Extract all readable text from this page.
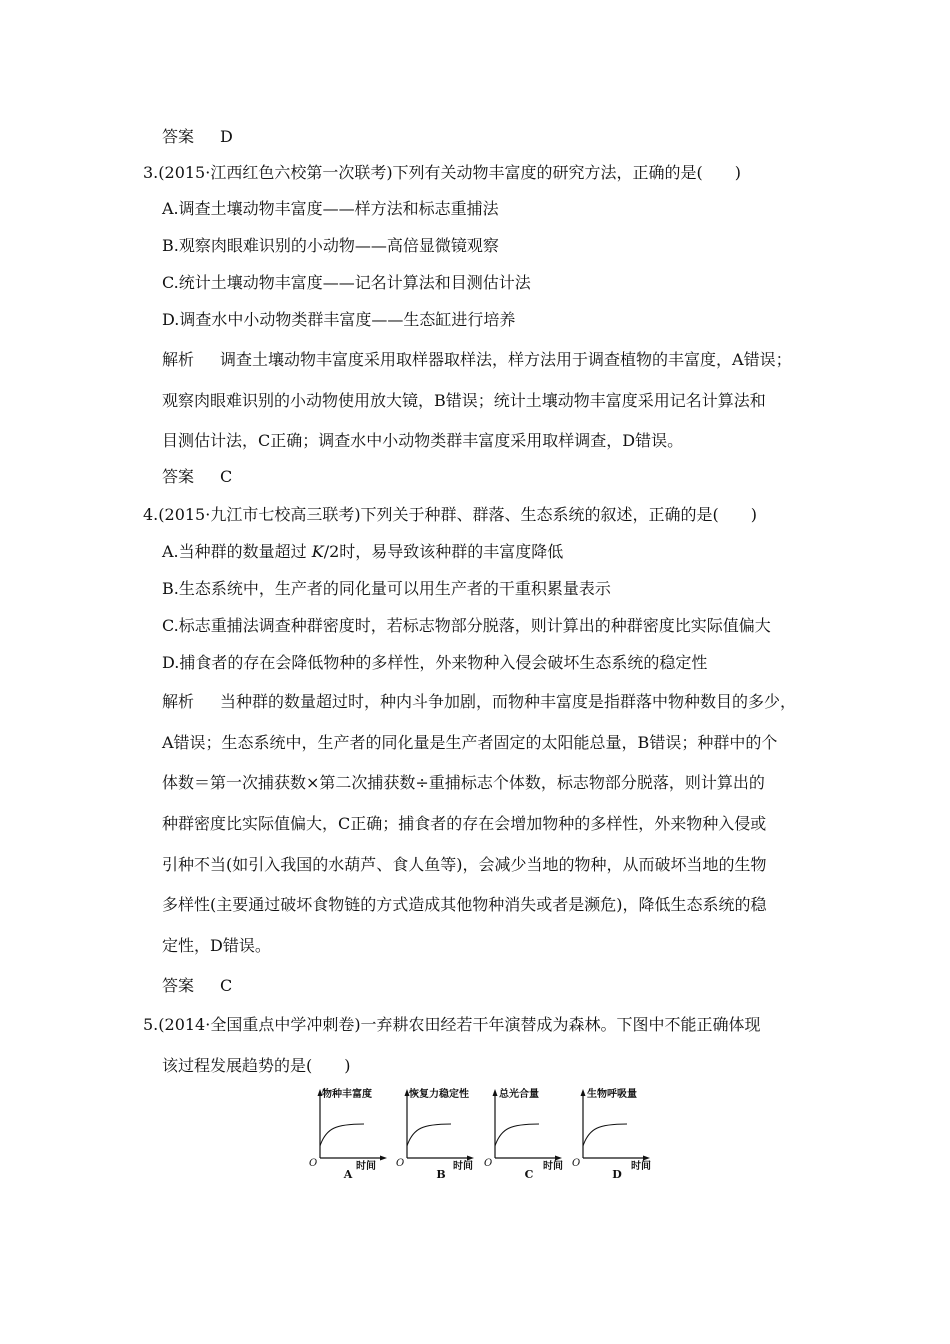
答案 D
3.(2015·江西红色六校第一次联考)下列有关动物丰富度的研究方法，正确的是(　　)
A.调查土壤动物丰富度——样方法和标志重捕法
B.观察肉眼难识别的小动物——高倍显微镜观察
C.统计土壤动物丰富度——记名计算法和目测估计法
D.调查水中小动物类群丰富度——生态缸进行培养
解析 调查土壤动物丰富度采用取样器取样法，样方法用于调查植物的丰富度，A错误；
观察肉眼难识别的小动物使用放大镜，B错误；统计土壤动物丰富度采用记名计算法和
目测估计法，C正确；调查水中小动物类群丰富度采用取样调查，D错误。
答案 C
4.(2015·九江市七校高三联考)下列关于种群、群落、生态系统的叙述，正确的是(　　)
A.当种群的数量超过 K/2时，易导致该种群的丰富度降低
B.生态系统中，生产者的同化量可以用生产者的干重积累量表示
C.标志重捕法调查种群密度时，若标志物部分脱落，则计算出的种群密度比实际值偏大
D.捕食者的存在会降低物种的多样性，外来物种入侵会破坏生态系统的稳定性
解析 当种群的数量超过时，种内斗争加剧，而物种丰富度是指群落中物种数目的多少，
A错误；生态系统中，生产者的同化量是生产者固定的太阳能总量，B错误；种群中的个
体数＝第一次捕获数×第二次捕获数÷重捕标志个体数，标志物部分脱落，则计算出的
种群密度比实际值偏大，C正确；捕食者的存在会增加物种的多样性，外来物种入侵或
引种不当(如引入我国的水葫芦、食人鱼等)，会减少当地的物种，从而破坏当地的生物
多样性(主要通过破坏食物链的方式造成其他物种消失或者是濒危)，降低生态系统的稳
定性，D错误。
答案 C
5.(2014·全国重点中学冲刺卷)一弃耕农田经若干年演替成为森林。下图中不能正确体现
该过程发展趋势的是(　　)
物种丰富度
O	时间
A
恢复力稳定性
O	时间
B
总光合量
O	时间
C
生物呼吸量
O	时间
D
